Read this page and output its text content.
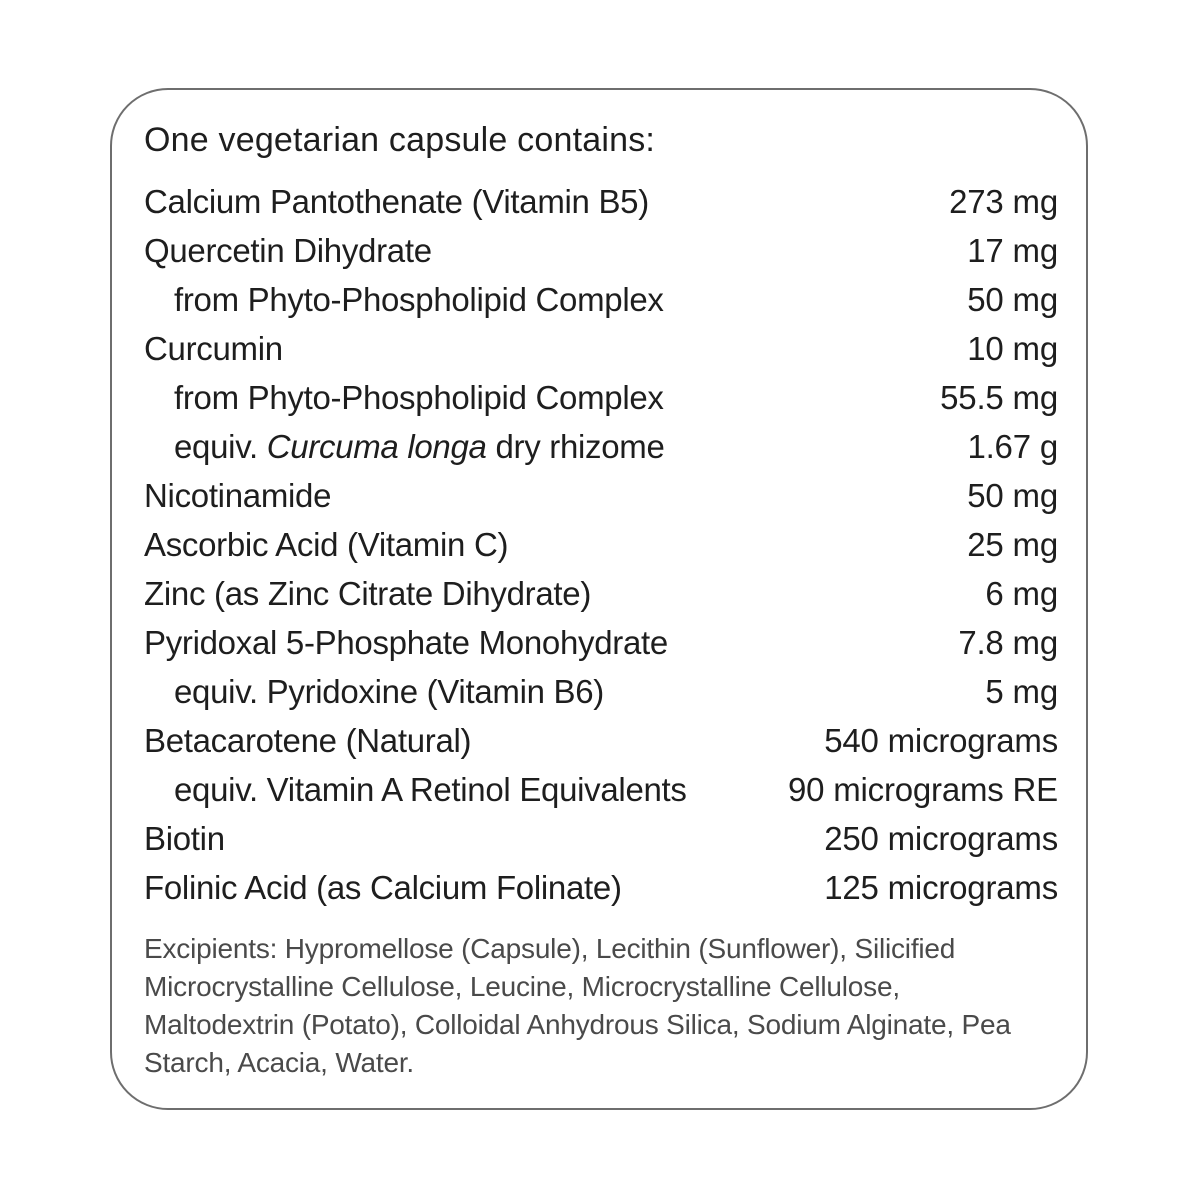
One vegetarian capsule contains:
Calcium Pantothenate (Vitamin B5)	273 mg
Quercetin Dihydrate	17 mg
from Phyto-Phospholipid Complex	50 mg
Curcumin	10 mg
from Phyto-Phospholipid Complex	55.5 mg
equiv. Curcuma longa dry rhizome	1.67 g
Nicotinamide	50 mg
Ascorbic Acid (Vitamin C)	25 mg
Zinc (as Zinc Citrate Dihydrate)	6 mg
Pyridoxal 5-Phosphate Monohydrate	7.8 mg
equiv. Pyridoxine (Vitamin B6)	5 mg
Betacarotene (Natural)	540 micrograms
equiv. Vitamin A Retinol Equivalents	90 micrograms RE
Biotin	250 micrograms
Folinic Acid (as Calcium Folinate)	125 micrograms

Excipients: Hypromellose (Capsule), Lecithin (Sunflower), Silicified Microcrystalline Cellulose, Leucine, Microcrystalline Cellulose, Maltodextrin (Potato), Colloidal Anhydrous Silica, Sodium Alginate, Pea Starch, Acacia, Water.
